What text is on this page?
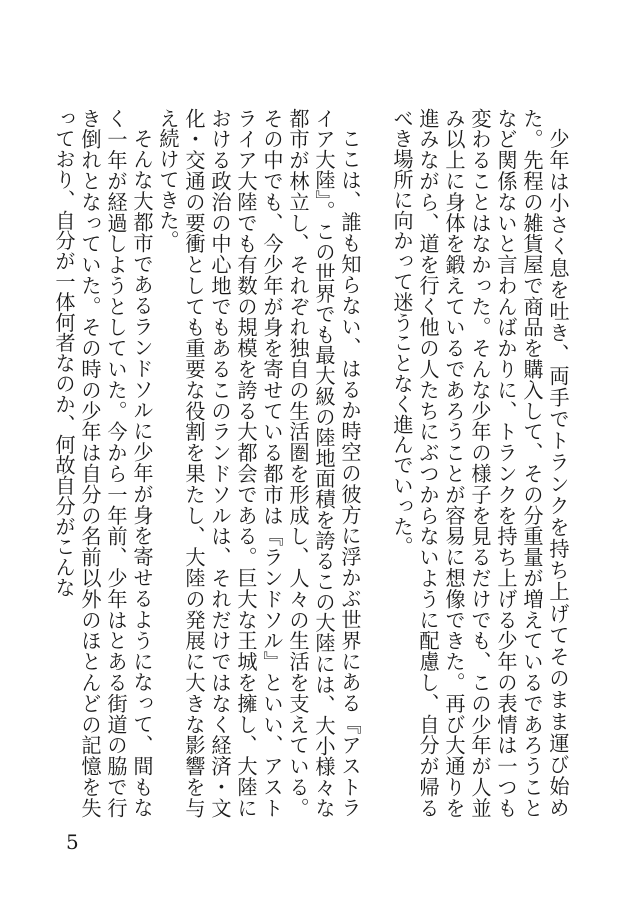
少年は小さく息を吐き、両手でトランクを持ち上げてそのまま運び始めた。先程の雑貨屋で商品を購入して、その分重量が増えているであろうことなど関係ないと言わんばかりに、トランクを持ち上げる少年の表情は一つも変わることはなかった。そんな少年の様子を見るだけでも、この少年が人並み以上に身体を鍛えているであろうことが容易に想像できた。再び大通りを進みながら、道を行く他の人たちにぶつからないように配慮し、自分が帰るべき場所に向かって迷うことなく進んでいった。

ここは、誰も知らない、はるか時空の彼方に浮かぶ世界にある『アストライア大陸』。この世界でも最大級の陸地面積を誇るこの大陸には、大小様々な都市が林立し、それぞれ独自の生活圏を形成し、人々の生活を支えている。その中でも、今少年が身を寄せている都市は『ランドソル』といい、アストライア大陸でも有数の規模を誇る大都会である。巨大な王城を擁し、大陸における政治の中心地でもあるこのランドソルは、それだけではなく経済・文化・交通の要衝としても重要な役割を果たし、大陸の発展に大きな影響を与え続けてきた。

そんな大都市であるランドソルに少年が身を寄せるようになって、間もなく一年が経過しようとしていた。今から一年前、少年はとある街道の脇で行き倒れとなっていた。その時の少年は自分の名前以外のほとんどの記憶を失っており、自分が一体何者なのか、何故自分がこんな

5
